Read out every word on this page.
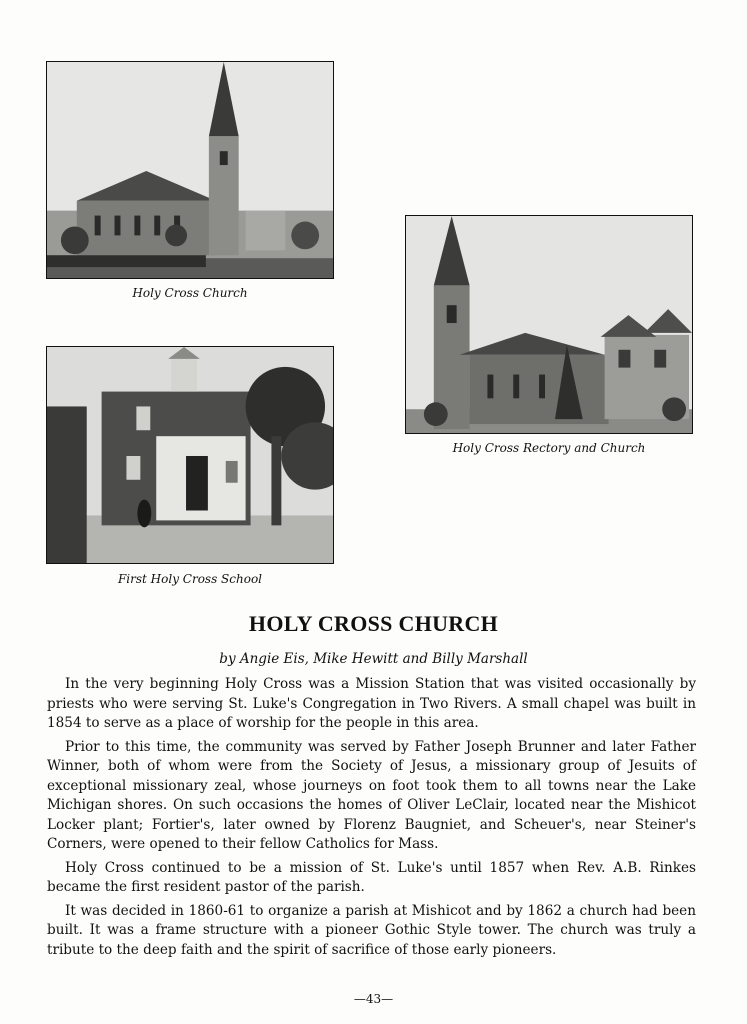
Holy Cross Church
Holy Cross Rectory and Church
First Holy Cross School
HOLY CROSS CHURCH
by Angie Eis, Mike Hewitt and Billy Marshall

In the very beginning Holy Cross was a Mission Station that was visited occasionally by priests who were serving St. Luke's Congregation in Two Rivers. A small chapel was built in 1854 to serve as a place of worship for the people in this area.

Prior to this time, the community was served by Father Joseph Brunner and later Father Winner, both of whom were from the Society of Jesus, a missionary group of Jesuits of exceptional missionary zeal, whose journeys on foot took them to all towns near the Lake Michigan shores. On such occasions the homes of Oliver LeClair, located near the Mishicot Locker plant; Fortier's, later owned by Florenz Baugniet, and Scheuer's, near Steiner's Corners, were opened to their fellow Catholics for Mass.

Holy Cross continued to be a mission of St. Luke's until 1857 when Rev. A.B. Rinkes became the first resident pastor of the parish.

It was decided in 1860-61 to organize a parish at Mishicot and by 1862 a church had been built. It was a frame structure with a pioneer Gothic Style tower. The church was truly a tribute to the deep faith and the spirit of sacrifice of those early pioneers.

—43—
